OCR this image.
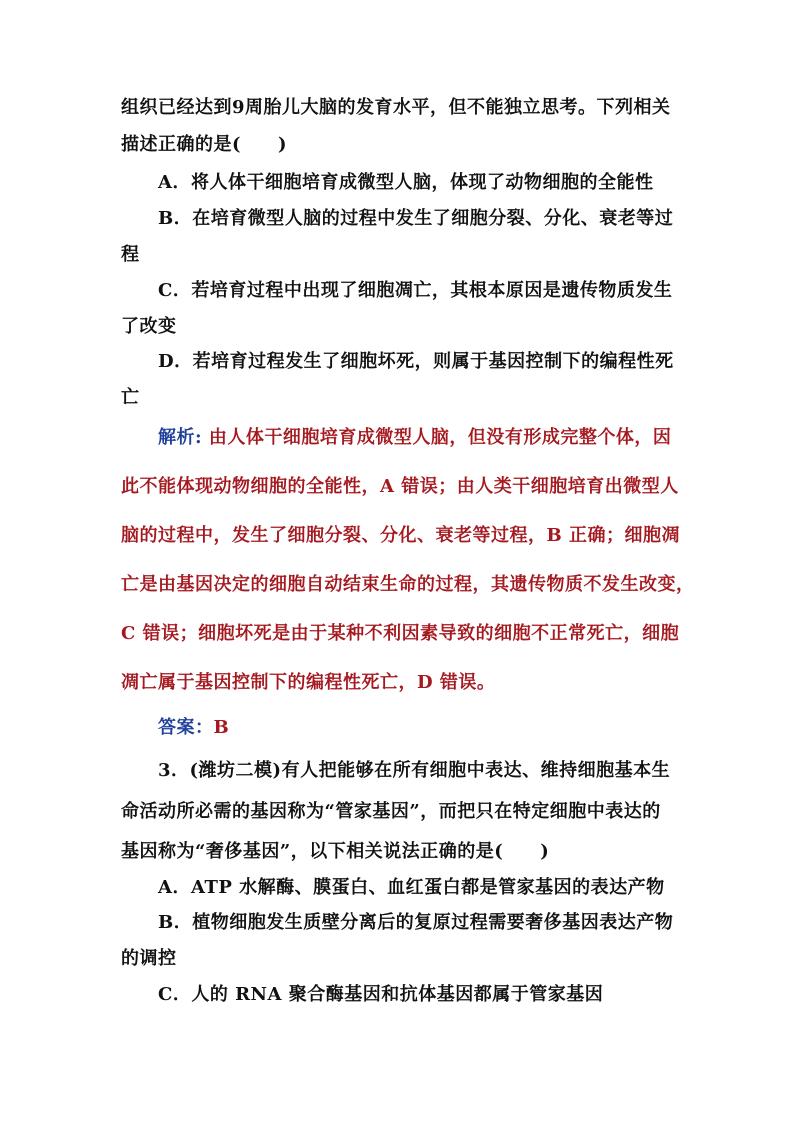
组织已经达到9周胎儿大脑的发育水平，但不能独立思考。下列相关
描述正确的是(　　)
A．将人体干细胞培育成微型人脑，体现了动物细胞的全能性
B．在培育微型人脑的过程中发生了细胞分裂、分化、衰老等过
程
C．若培育过程中出现了细胞凋亡，其根本原因是遗传物质发生
了改变
D．若培育过程发生了细胞坏死，则属于基因控制下的编程性死
亡
解析: 由人体干细胞培育成微型人脑，但没有形成完整个体，因
此不能体现动物细胞的全能性，A 错误；由人类干细胞培育出微型人
脑的过程中，发生了细胞分裂、分化、衰老等过程，B 正确；细胞凋
亡是由基因决定的细胞自动结束生命的过程，其遗传物质不发生改变，
C 错误；细胞坏死是由于某种不利因素导致的细胞不正常死亡，细胞
凋亡属于基因控制下的编程性死亡，D 错误。
答案：B
3．(潍坊二模)有人把能够在所有细胞中表达、维持细胞基本生
命活动所必需的基因称为“管家基因”，而把只在特定细胞中表达的
基因称为“奢侈基因”，以下相关说法正确的是(　　)
A．ATP 水解酶、膜蛋白、血红蛋白都是管家基因的表达产物
B．植物细胞发生质壁分离后的复原过程需要奢侈基因表达产物
的调控
C．人的 RNA 聚合酶基因和抗体基因都属于管家基因
